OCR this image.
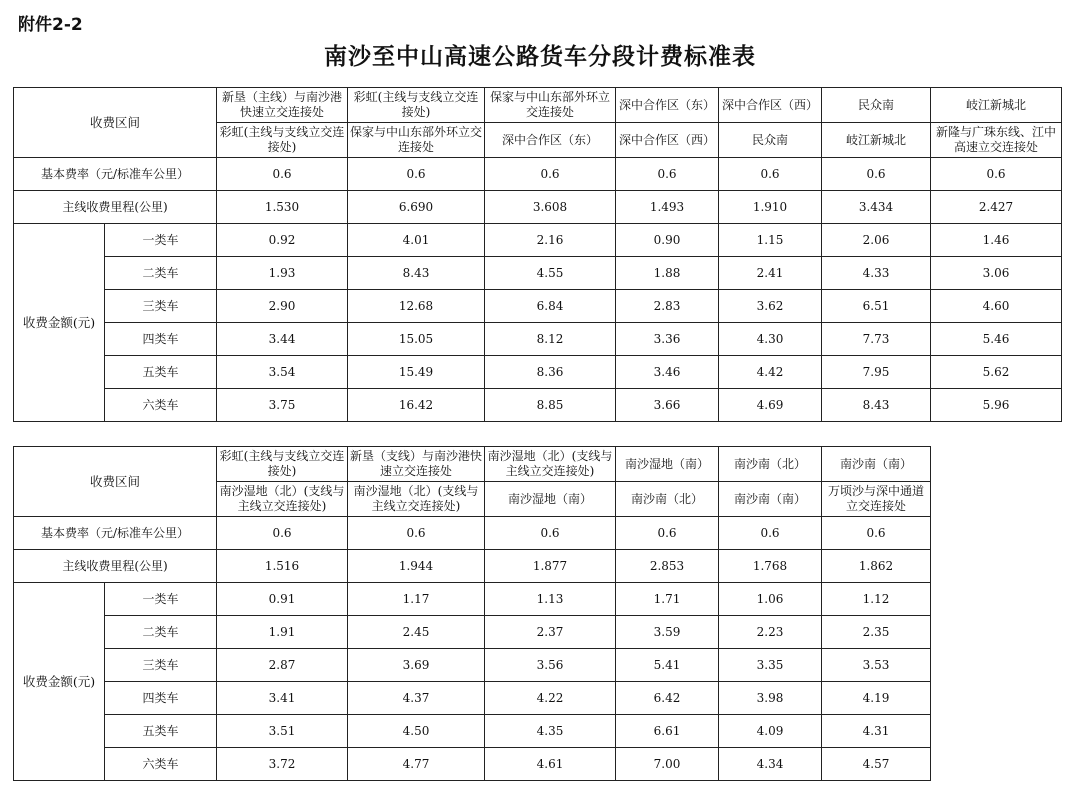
附件2-2
南沙至中山高速公路货车分段计费标准表
收费区间		新垦（主线）与南沙港快速立交连接处	彩虹(主线与支线立交连接处)	保家与中山东部外环立交连接处	深中合作区（东）	深中合作区（西）	民众南	岐江新城北
		彩虹(主线与支线立交连接处)	保家与中山东部外环立交连接处	深中合作区（东）	深中合作区（西）	民众南	岐江新城北	新隆与广珠东线、江中高速立交连接处
基本费率（元/标准车公里）		0.6	0.6	0.6	0.6	0.6	0.6	0.6
主线收费里程(公里)		1.530	6.690	3.608	1.493	1.910	3.434	2.427
收费金额(元)	一类车	0.92	4.01	2.16	0.90	1.15	2.06	1.46
	二类车	1.93	8.43	4.55	1.88	2.41	4.33	3.06
	三类车	2.90	12.68	6.84	2.83	3.62	6.51	4.60
	四类车	3.44	15.05	8.12	3.36	4.30	7.73	5.46
	五类车	3.54	15.49	8.36	3.46	4.42	7.95	5.62
	六类车	3.75	16.42	8.85	3.66	4.69	8.43	5.96
收费区间		彩虹(主线与支线立交连接处)	新垦（支线）与南沙港快速立交连接处	南沙湿地（北）(支线与主线立交连接处)	南沙湿地（南）	南沙南（北）	南沙南（南）
		南沙湿地（北）(支线与主线立交连接处)	南沙湿地（北）(支线与主线立交连接处)	南沙湿地（南）	南沙南（北）	南沙南（南）	万顷沙与深中通道立交连接处
基本费率（元/标准车公里）		0.6	0.6	0.6	0.6	0.6	0.6
主线收费里程(公里)		1.516	1.944	1.877	2.853	1.768	1.862
收费金额(元)	一类车	0.91	1.17	1.13	1.71	1.06	1.12
	二类车	1.91	2.45	2.37	3.59	2.23	2.35
	三类车	2.87	3.69	3.56	5.41	3.35	3.53
	四类车	3.41	4.37	4.22	6.42	3.98	4.19
	五类车	3.51	4.50	4.35	6.61	4.09	4.31
	六类车	3.72	4.77	4.61	7.00	4.34	4.57
